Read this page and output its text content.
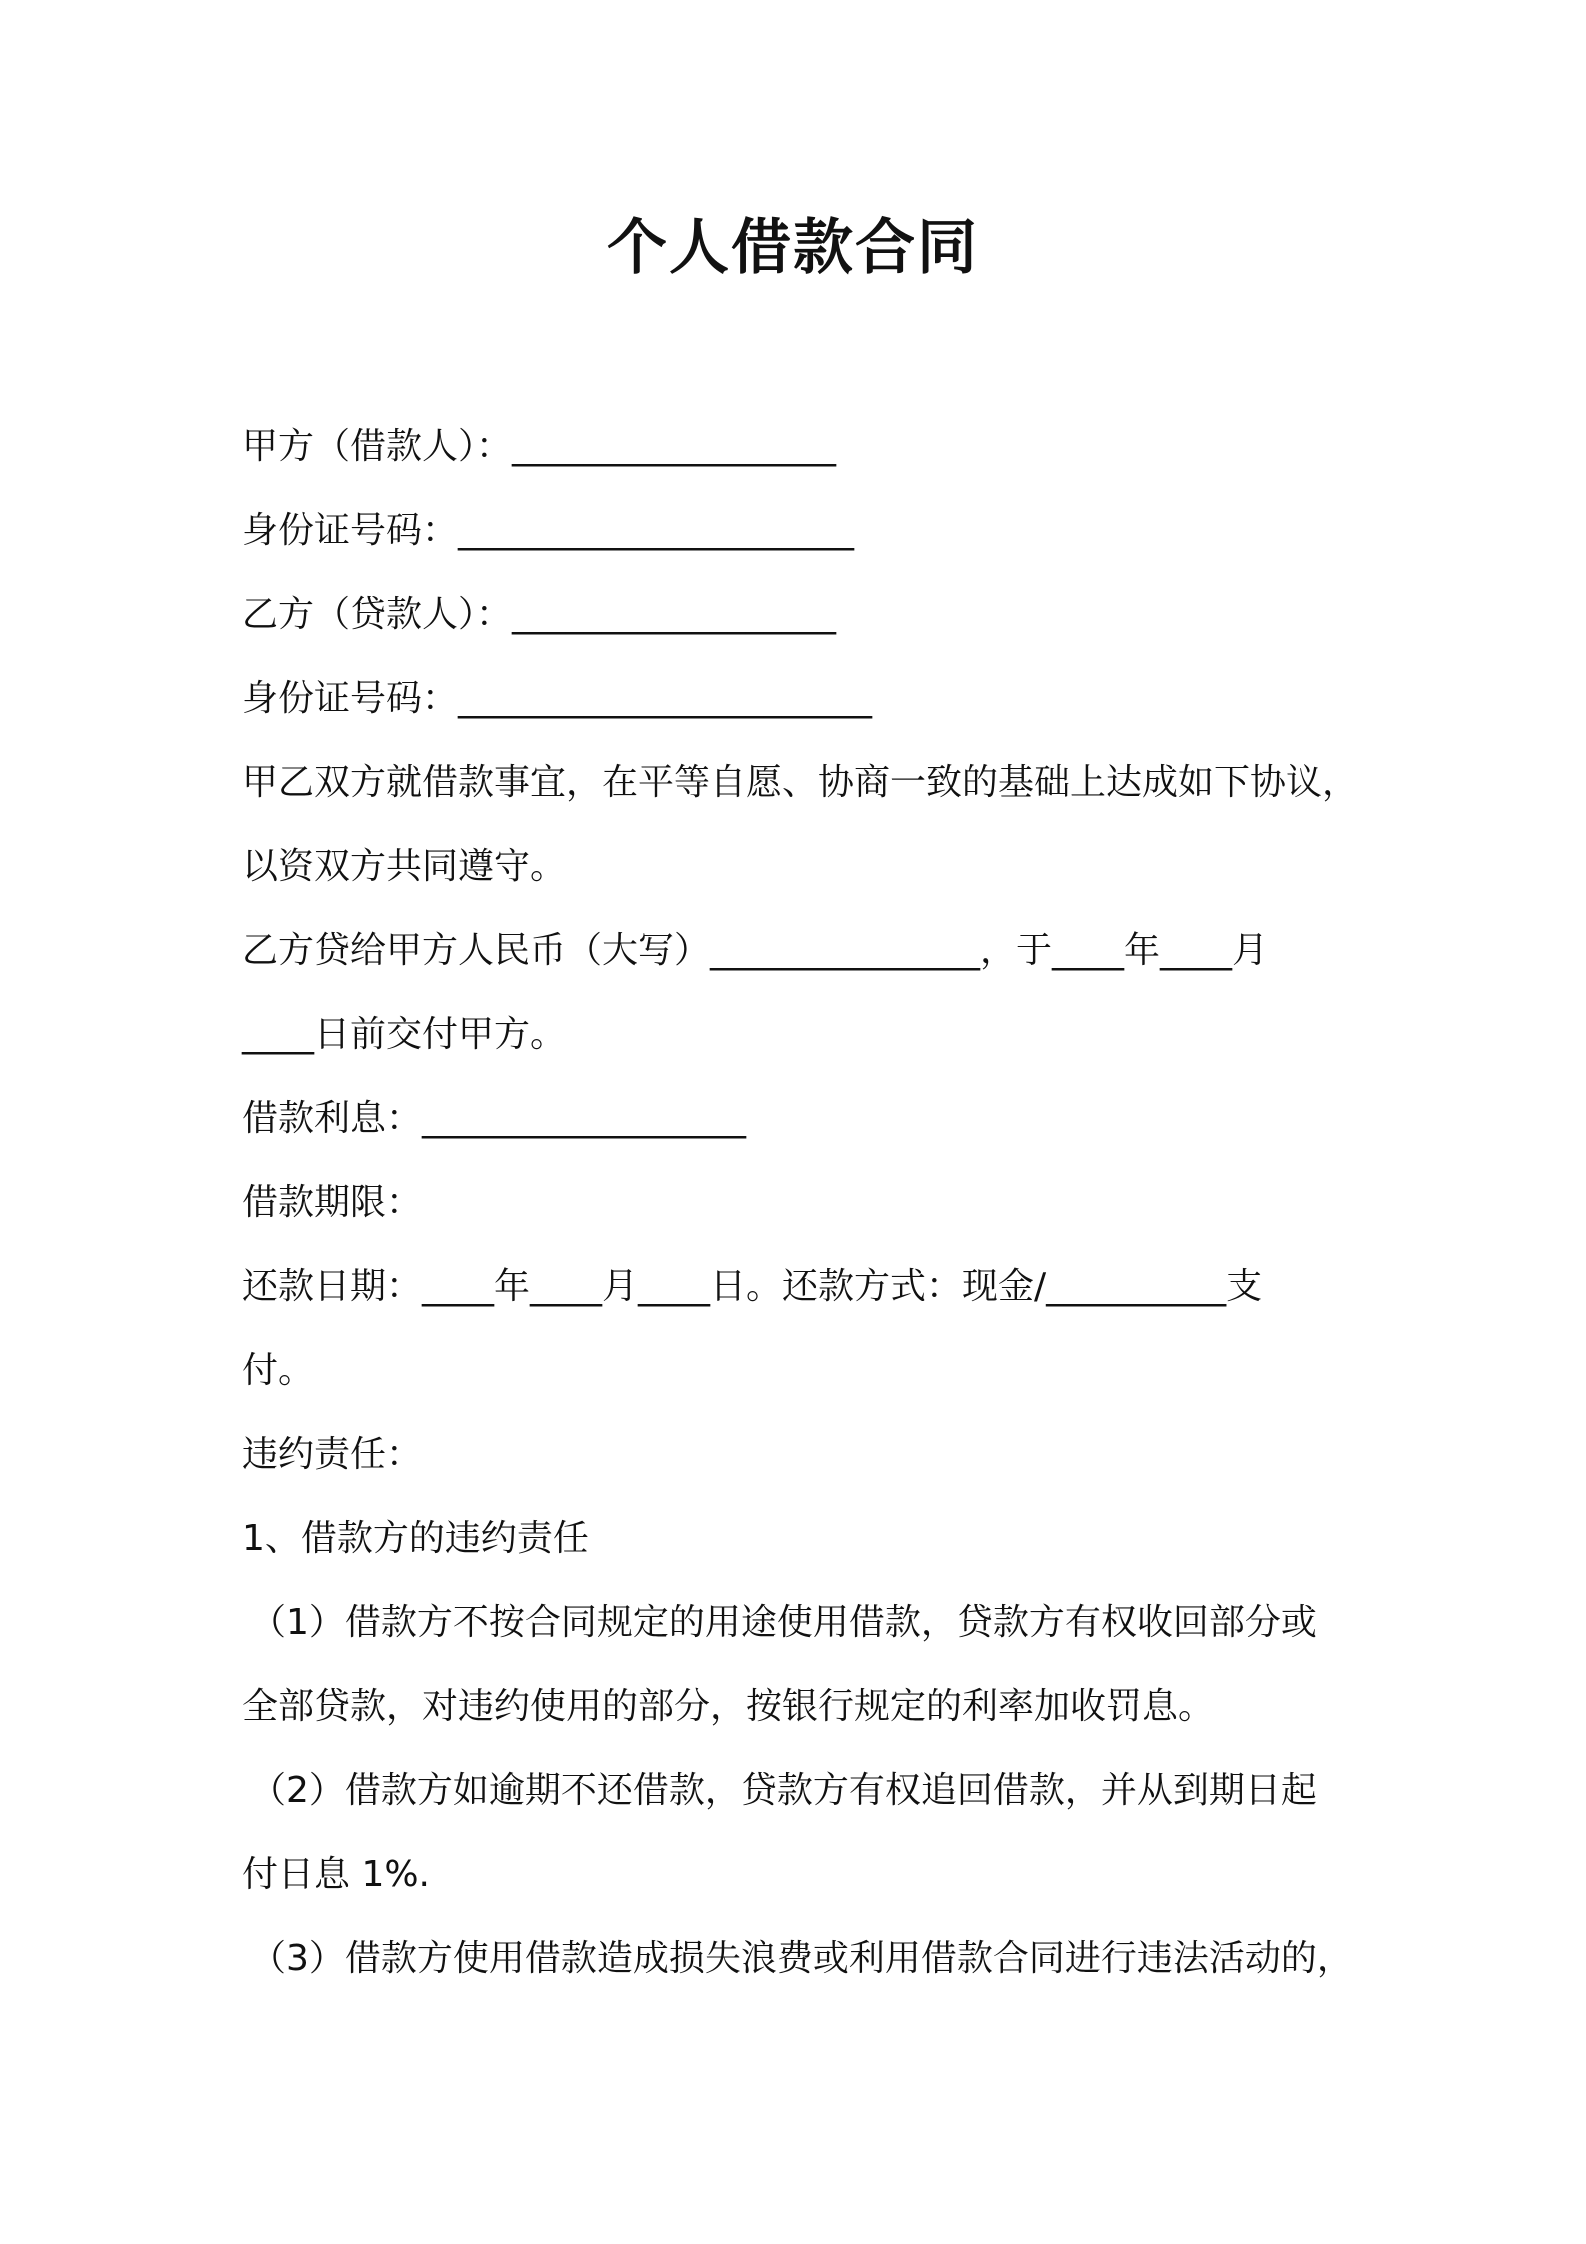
个人借款合同
甲方（借款人）：__________________
身份证号码：______________________
乙方（贷款人）：__________________
身份证号码：_______________________
甲乙双方就借款事宜，在平等自愿、协商一致的基础上达成如下协议，
以资双方共同遵守。
乙方贷给甲方人民币（大写）_______________，于____年____月
____日前交付甲方。
借款利息：__________________
借款期限：
还款日期：____年____月____日。还款方式：现金/__________支
付。
违约责任：
1、借款方的违约责任
（1）借款方不按合同规定的用途使用借款，贷款方有权收回部分或
全部贷款，对违约使用的部分，按银行规定的利率加收罚息。
（2）借款方如逾期不还借款，贷款方有权追回借款，并从到期日起
付日息 1%.
（3）借款方使用借款造成损失浪费或利用借款合同进行违法活动的，
